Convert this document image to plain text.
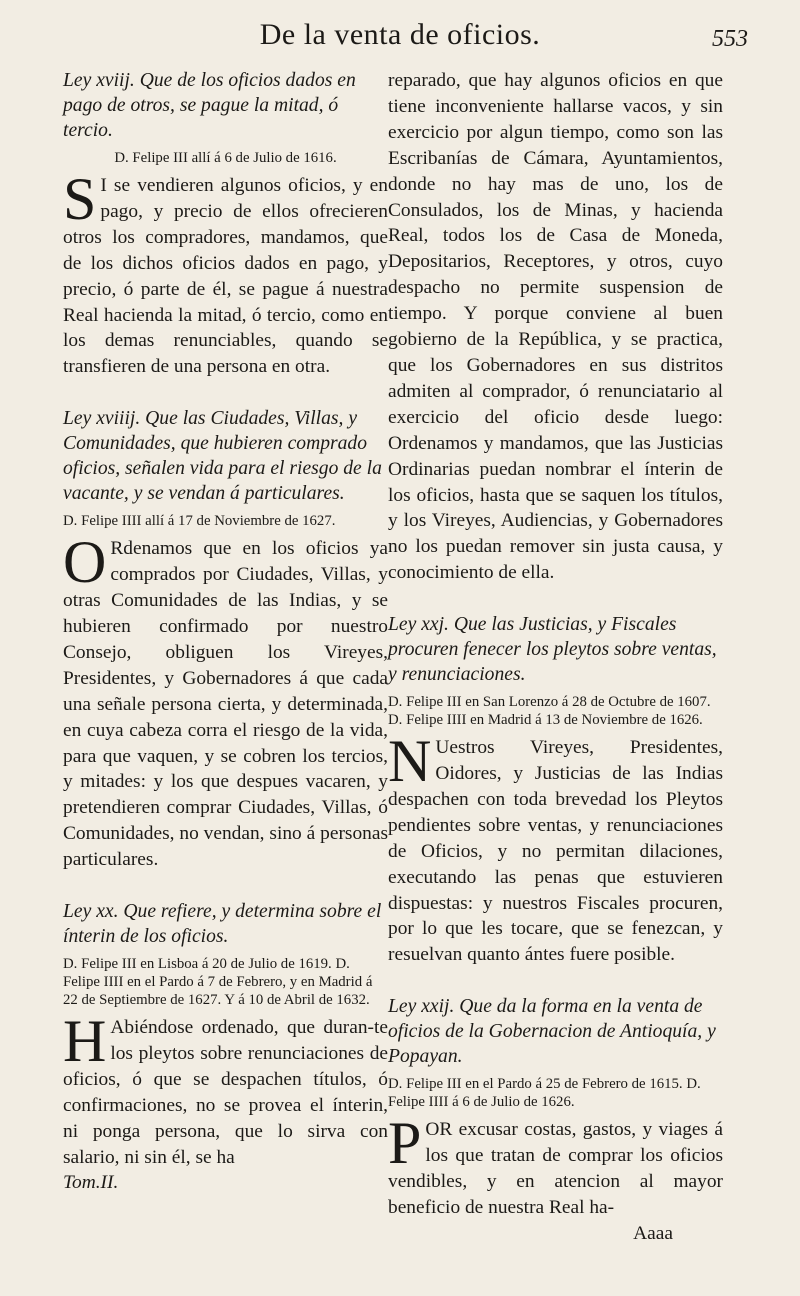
De la venta de oficios.	553

Ley xviij. Que de los oficios dados en pago de otros, se pague la mitad, ó tercio.

D. Felipe III allí á 6 de Julio de 1616.

S I se vendieren algunos oficios, y en pago, y precio de ellos ofrecieren otros los compradores, mandamos, que de los dichos oficios dados en pago, y precio, ó parte de él, se pague á nuestra Real hacienda la mitad, ó tercio, como en los demas renunciables, quando se transfieren de una persona en otra.

Ley xviiij. Que las Ciudades, Villas, y Comunidades, que hubieren comprado oficios, señalen vida para el riesgo de la vacante, y se vendan á particulares.

D. Felipe IIII allí á 17 de Noviembre de 1627.

O Rdenamos que en los oficios ya comprados por Ciudades, Villas, y otras Comunidades de las Indias, y se hubieren confirmado por nuestro Consejo, obliguen los Vireyes, Presidentes, y Gobernadores á que cada una señale persona cierta, y determinada, en cuya cabeza corra el riesgo de la vida, para que vaquen, y se cobren los tercios, y mitades: y los que despues vacaren, y pretendieren comprar Ciudades, Villas, ó Comunidades, no vendan, sino á personas particulares.

Ley xx. Que refiere, y determina sobre el ínterin de los oficios.

D. Felipe III en Lisboa á 20 de Julio de 1619. D. Felipe IIII en el Pardo á 7 de Febrero, y en Madrid á 22 de Septiembre de 1627. Y á 10 de Abril de 1632.

H Abiéndose ordenado, que duran-te los pleytos sobre renunciaciones de oficios, ó que se despachen títulos, ó confirmaciones, no se provea el ínterin, ni ponga persona, que lo sirva con salario, ni sin él, se ha

Tom.II.

reparado, que hay algunos oficios en que tiene inconveniente hallarse vacos, y sin exercicio por algun tiempo, como son las Escribanías de Cámara, Ayuntamientos, donde no hay mas de uno, los de Consulados, los de Minas, y hacienda Real, todos los de Casa de Moneda, Depositarios, Receptores, y otros, cuyo despacho no permite suspension de tiempo. Y porque conviene al buen gobierno de la República, y se practica, que los Gobernadores en sus distritos admiten al comprador, ó renunciatario al exercicio del oficio desde luego: Ordenamos y mandamos, que las Justicias Ordinarias puedan nombrar el ínterin de los oficios, hasta que se saquen los títulos, y los Vireyes, Audiencias, y Gobernadores no los puedan remover sin justa causa, y conocimiento de ella.

Ley xxj. Que las Justicias, y Fiscales procuren fenecer los pleytos sobre ventas, y renunciaciones.

D. Felipe III en San Lorenzo á 28 de Octubre de 1607. D. Felipe IIII en Madrid á 13 de Noviembre de 1626.

N Uestros Vireyes, Presidentes, Oidores, y Justicias de las Indias despachen con toda brevedad los Pleytos pendientes sobre ventas, y renunciaciones de Oficios, y no permitan dilaciones, executando las penas que estuvieren dispuestas: y nuestros Fiscales procuren, por lo que les tocare, que se fenezcan, y resuelvan quanto ántes fuere posible.

Ley xxij. Que da la forma en la venta de oficios de la Gobernacion de Antioquía, y Popayan.

D. Felipe III en el Pardo á 25 de Febrero de 1615. D. Felipe IIII á 6 de Julio de 1626.

POR excusar costas, gastos, y viages á los que tratan de comprar los oficios vendibles, y en atencion al mayor beneficio de nuestra Real ha-

Aaaa
